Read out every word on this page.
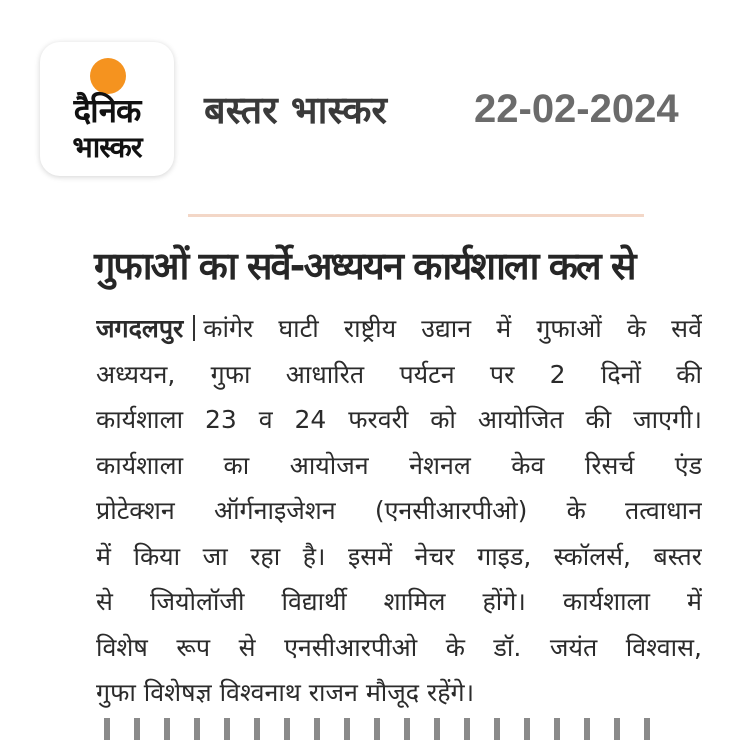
दैनिक
भास्कर
बस्तर भास्कर 22-02-2024
गुफाओं का सर्वे-अध्ययन कार्यशाला कल से
जगदलपुर कांगेर घाटी राष्ट्रीय उद्यान में गुफाओं के सर्वे
अध्ययन, गुफा आधारित पर्यटन पर 2 दिनों की
कार्यशाला 23 व 24 फरवरी को आयोजित की जाएगी।
कार्यशाला का आयोजन नेशनल केव रिसर्च एंड
प्रोटेक्शन ऑर्गनाइजेशन (एनसीआरपीओ) के तत्वाधान
में किया जा रहा है। इसमें नेचर गाइड, स्कॉलर्स, बस्तर
से जियोलॉजी विद्यार्थी शामिल होंगे। कार्यशाला में
विशेष रूप से एनसीआरपीओ के डॉ. जयंत विश्वास,
गुफा विशेषज्ञ विश्वनाथ राजन मौजूद रहेंगे।
